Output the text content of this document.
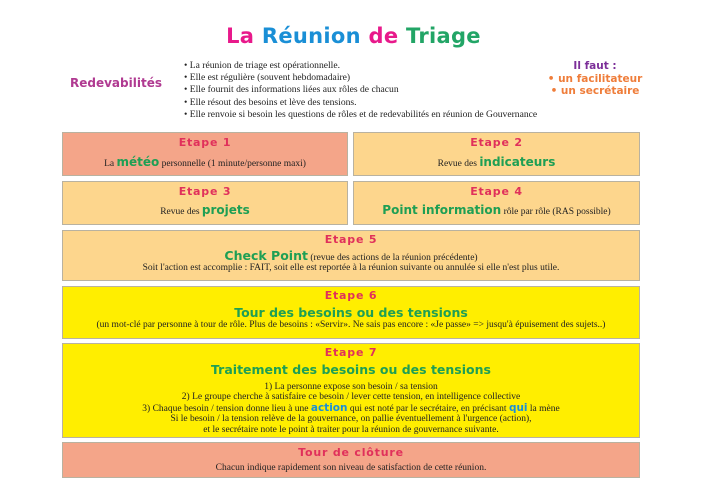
La Réunion de Triage
Redevabilités
• La réunion de triage est opérationnelle.
• Elle est régulière (souvent hebdomadaire)
• Elle fournit des informations liées aux rôles de chacun
• Elle résout des besoins et lève des tensions.
• Elle renvoie si besoin les questions de rôles et de redevabilités en réunion de Gouvernance
Il faut :
• un facilitateur
• un secrétaire
Etape 1
La météo personnelle (1 minute/personne maxi)
Etape 2
Revue des indicateurs
Etape 3
Revue des projets
Etape 4
Point information rôle par rôle (RAS possible)
Etape 5
Check Point (revue des actions de la réunion précédente)
Soit l'action est accomplie : FAIT, soit elle est reportée à la réunion suivante ou annulée si elle n'est plus utile.
Etape 6
Tour des besoins ou des tensions
(un mot-clé par personne à tour de rôle. Plus de besoins : «Servir». Ne sais pas encore : «Je passe» => jusqu'à épuisement des sujets..)
Etape 7
Traitement des besoins ou des tensions
1) La personne expose son besoin / sa tension
2) Le groupe cherche à satisfaire ce besoin / lever cette tension, en intelligence collective
3) Chaque besoin / tension donne lieu à une action qui est noté par le secrétaire, en précisant qui la mène
Si le besoin / la tension relève de la gouvernance, on pallie éventuellement à l'urgence (action),
et le secrétaire note le point à traiter pour la réunion de gouvernance suivante.
Tour de clôture
Chacun indique rapidement son niveau de satisfaction de cette réunion.
